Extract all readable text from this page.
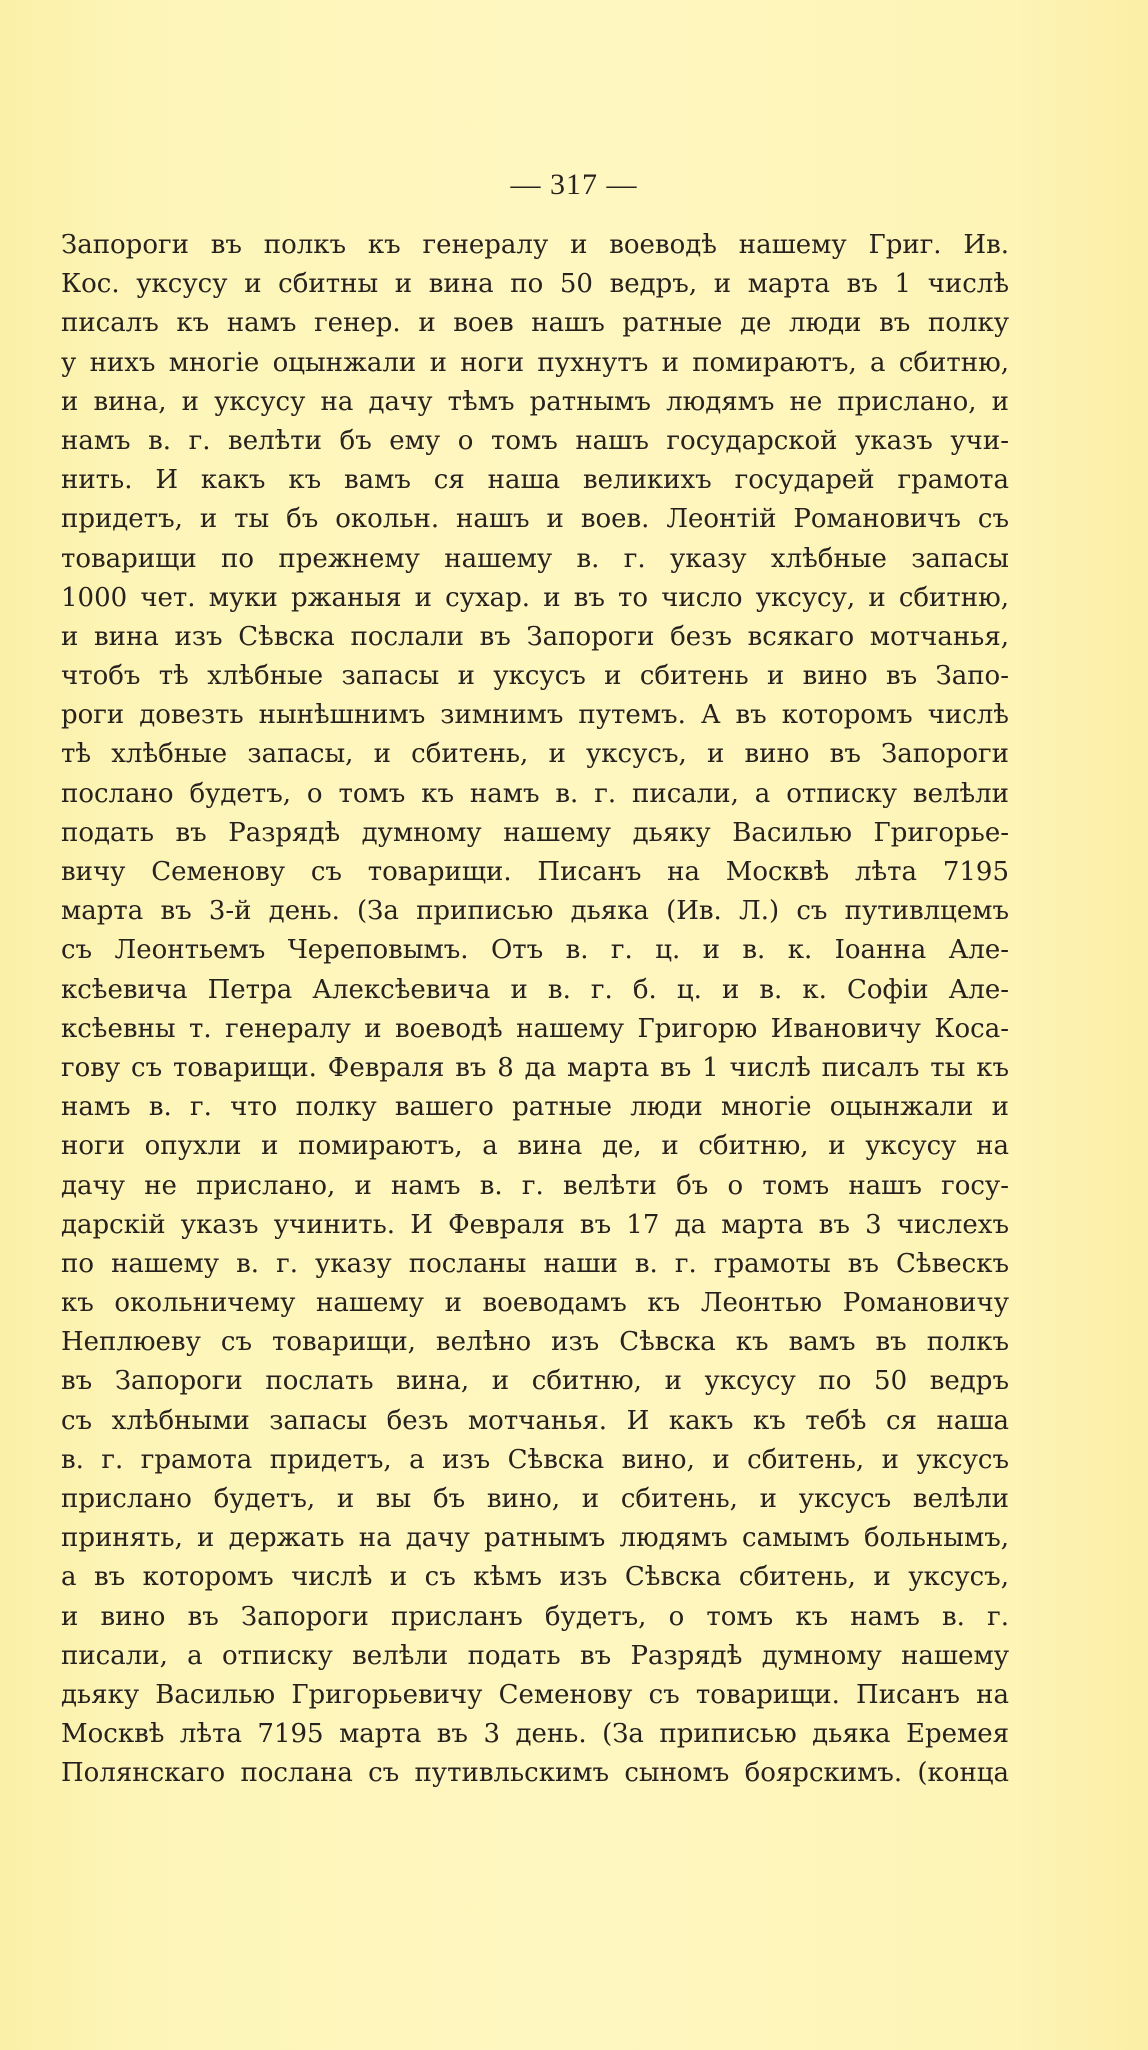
— 317 —
Запороги въ полкъ къ генералу и воеводѣ нашему Григ. Ив.
Кос. уксусу и сбитны и вина по 50 ведръ, и марта въ 1 числѣ
писалъ къ намъ генер. и воев нашъ ратные де люди въ полку
у нихъ многіе оцынжали и ноги пухнутъ и помираютъ, а сбитню,
и вина, и уксусу на дачу тѣмъ ратнымъ людямъ не прислано, и
намъ в. г. велѣти бъ ему о томъ нашъ государской указъ учи-
нить. И какъ къ вамъ ся наша великихъ государей грамота
придетъ, и ты бъ окольн. нашъ и воев. Леонтій Романовичъ съ
товарищи по прежнему нашему в. г. указу хлѣбные запасы
1000 чет. муки ржаныя и сухар. и въ то число уксусу, и сбитню,
и вина изъ Сѣвска послали въ Запороги безъ всякаго мотчанья,
чтобъ тѣ хлѣбные запасы и уксусъ и сбитень и вино въ Запо-
роги довезть нынѣшнимъ зимнимъ путемъ. А въ которомъ числѣ
тѣ хлѣбные запасы, и сбитень, и уксусъ, и вино въ Запороги
послано будетъ, о томъ къ намъ в. г. писали, а отписку велѣли
подать въ Разрядѣ думному нашему дьяку Василью Григорье-
вичу Семенову съ товарищи. Писанъ на Москвѣ лѣта 7195
марта въ 3-й день. (За приписью дьяка (Ив. Л.) съ путивлцемъ
съ Леонтьемъ Череповымъ. Отъ в. г. ц. и в. к. Іоанна Але-
ксѣевича Петра Алексѣевича и в. г. б. ц. и в. к. Софіи Але-
ксѣевны т. генералу и воеводѣ нашему Григорю Ивановичу Коса-
гову съ товарищи. Февраля въ 8 да марта въ 1 числѣ писалъ ты къ
намъ в. г. что полку вашего ратные люди многіе оцынжали и
ноги опухли и помираютъ, а вина де, и сбитню, и уксусу на
дачу не прислано, и намъ в. г. велѣти бъ о томъ нашъ госу-
дарскій указъ учинить. И Февраля въ 17 да марта въ 3 числехъ
по нашему в. г. указу посланы наши в. г. грамоты въ Сѣвескъ
къ окольничему нашему и воеводамъ къ Леонтью Романовичу
Неплюеву съ товарищи, велѣно изъ Сѣвска къ вамъ въ полкъ
въ Запороги послать вина, и сбитню, и уксусу по 50 ведръ
съ хлѣбными запасы безъ мотчанья. И какъ къ тебѣ ся наша
в. г. грамота придетъ, а изъ Сѣвска вино, и сбитень, и уксусъ
прислано будетъ, и вы бъ вино, и сбитень, и уксусъ велѣли
принять, и держать на дачу ратнымъ людямъ самымъ больнымъ,
а въ которомъ числѣ и съ кѣмъ изъ Сѣвска сбитень, и уксусъ,
и вино въ Запороги присланъ будетъ, о томъ къ намъ в. г.
писали, а отписку велѣли подать въ Разрядѣ думному нашему
дьяку Василью Григорьевичу Семенову съ товарищи. Писанъ на
Москвѣ лѣта 7195 марта въ 3 день. (За приписью дьяка Еремея
Полянскаго послана съ путивльскимъ сыномъ боярскимъ. (конца
